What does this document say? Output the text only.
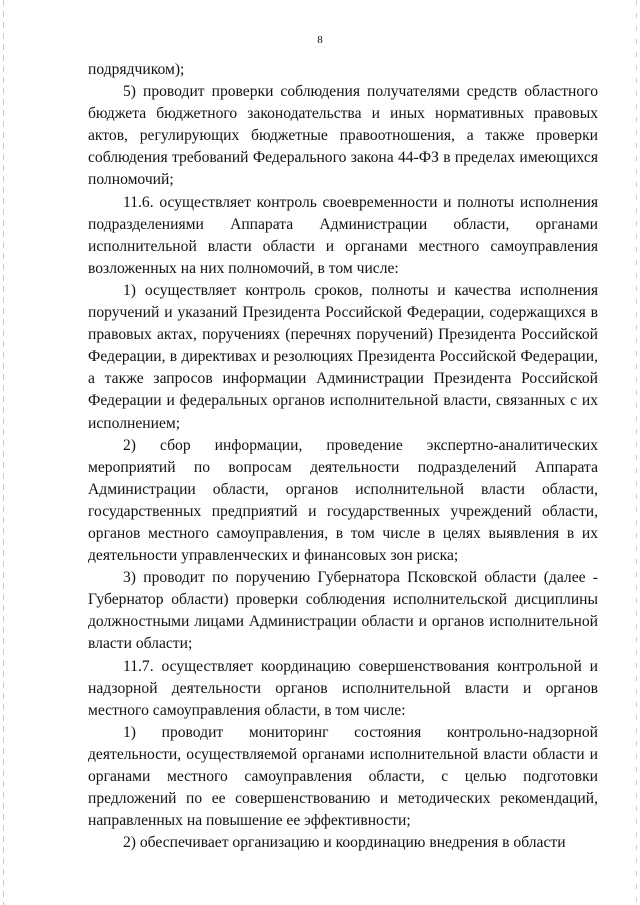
8

подрядчиком);

5) проводит проверки соблюдения получателями средств областного бюджета бюджетного законодательства и иных нормативных правовых актов, регулирующих бюджетные правоотношения, а также проверки соблюдения требований Федерального закона 44-ФЗ в пределах имеющихся полномочий;

11.6. осуществляет контроль своевременности и полноты исполнения подразделениями Аппарата Администрации области, органами исполнительной власти области и органами местного самоуправления возложенных на них полномочий, в том числе:

1) осуществляет контроль сроков, полноты и качества исполнения поручений и указаний Президента Российской Федерации, содержащихся в правовых актах, поручениях (перечнях поручений) Президента Российской Федерации, в директивах и резолюциях Президента Российской Федерации, а также запросов информации Администрации Президента Российской Федерации и федеральных органов исполнительной власти, связанных с их исполнением;

2) сбор информации, проведение экспертно-аналитических мероприятий по вопросам деятельности подразделений Аппарата Администрации области, органов исполнительной власти области, государственных предприятий и государственных учреждений области, органов местного самоуправления, в том числе в целях выявления в их деятельности управленческих и финансовых зон риска;

3) проводит по поручению Губернатора Псковской области (далее - Губернатор области) проверки соблюдения исполнительской дисциплины должностными лицами Администрации области и органов исполнительной власти области;

11.7. осуществляет координацию совершенствования контрольной и надзорной деятельности органов исполнительной власти и органов местного самоуправления области, в том числе:

1) проводит мониторинг состояния контрольно-надзорной деятельности, осуществляемой органами исполнительной власти области и органами местного самоуправления области, с целью подготовки предложений по ее совершенствованию и методических рекомендаций, направленных на повышение ее эффективности;

2) обеспечивает организацию и координацию внедрения в области
